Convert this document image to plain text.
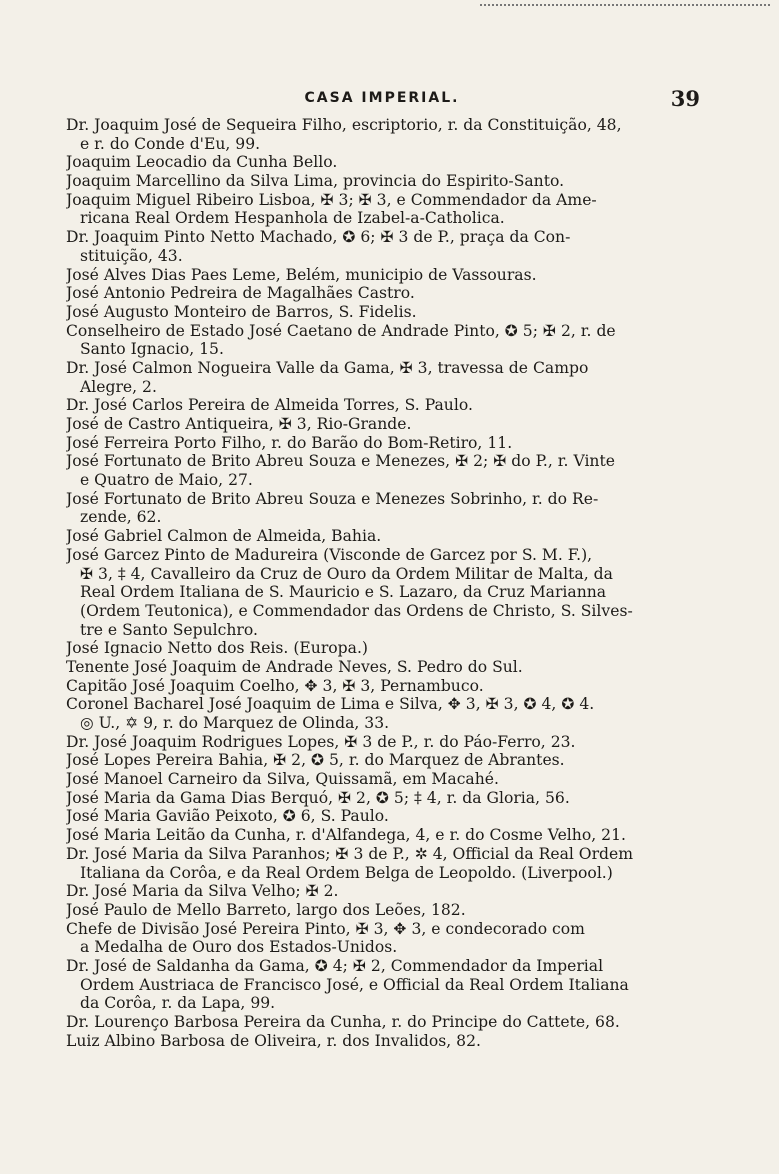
CASA IMPERIAL.	39
Dr. Joaquim José de Sequeira Filho, escriptorio, r. da Constituição, 48,
e r. do Conde d'Eu, 99.
Joaquim Leocadio da Cunha Bello.
Joaquim Marcellino da Silva Lima, provincia do Espirito-Santo.
Joaquim Miguel Ribeiro Lisboa, ✠ 3; ✠ 3, e Commendador da Ame-
ricana Real Ordem Hespanhola de Izabel-a-Catholica.
Dr. Joaquim Pinto Netto Machado, ✪ 6; ✠ 3 de P., praça da Con-
stituição, 43.
José Alves Dias Paes Leme, Belém, municipio de Vassouras.
José Antonio Pedreira de Magalhães Castro.
José Augusto Monteiro de Barros, S. Fidelis.
Conselheiro de Estado José Caetano de Andrade Pinto, ✪ 5; ✠ 2, r. de
Santo Ignacio, 15.
Dr. José Calmon Nogueira Valle da Gama, ✠ 3, travessa de Campo
Alegre, 2.
Dr. José Carlos Pereira de Almeida Torres, S. Paulo.
José de Castro Antiqueira, ✠ 3, Rio-Grande.
José Ferreira Porto Filho, r. do Barão do Bom-Retiro, 11.
José Fortunato de Brito Abreu Souza e Menezes, ✠ 2; ✠ do P., r. Vinte
e Quatro de Maio, 27.
José Fortunato de Brito Abreu Souza e Menezes Sobrinho, r. do Re-
zende, 62.
José Gabriel Calmon de Almeida, Bahia.
José Garcez Pinto de Madureira (Visconde de Garcez por S. M. F.),
✠ 3, ‡ 4, Cavalleiro da Cruz de Ouro da Ordem Militar de Malta, da
Real Ordem Italiana de S. Mauricio e S. Lazaro, da Cruz Marianna
(Ordem Teutonica), e Commendador das Ordens de Christo, S. Silves-
tre e Santo Sepulchro.
José Ignacio Netto dos Reis. (Europa.)
Tenente José Joaquim de Andrade Neves, S. Pedro do Sul.
Capitão José Joaquim Coelho, ✥ 3, ✠ 3, Pernambuco.
Coronel Bacharel José Joaquim de Lima e Silva, ✥ 3, ✠ 3, ✪ 4, ✪ 4.
◎ U., ✡ 9, r. do Marquez de Olinda, 33.
Dr. José Joaquim Rodrigues Lopes, ✠ 3 de P., r. do Páo-Ferro, 23.
José Lopes Pereira Bahia, ✠ 2, ✪ 5, r. do Marquez de Abrantes.
José Manoel Carneiro da Silva, Quissamã, em Macahé.
José Maria da Gama Dias Berquó, ✠ 2, ✪ 5; ‡ 4, r. da Gloria, 56.
José Maria Gavião Peixoto, ✪ 6, S. Paulo.
José Maria Leitão da Cunha, r. d'Alfandega, 4, e r. do Cosme Velho, 21.
Dr. José Maria da Silva Paranhos; ✠ 3 de P., ✲ 4, Official da Real Ordem
Italiana da Corôa, e da Real Ordem Belga de Leopoldo. (Liverpool.)
Dr. José Maria da Silva Velho; ✠ 2.
José Paulo de Mello Barreto, largo dos Leões, 182.
Chefe de Divisão José Pereira Pinto, ✠ 3, ✥ 3, e condecorado com
a Medalha de Ouro dos Estados-Unidos.
Dr. José de Saldanha da Gama, ✪ 4; ✠ 2, Commendador da Imperial
Ordem Austriaca de Francisco José, e Official da Real Ordem Italiana
da Corôa, r. da Lapa, 99.
Dr. Lourenço Barbosa Pereira da Cunha, r. do Principe do Cattete, 68.
Luiz Albino Barbosa de Oliveira, r. dos Invalidos, 82.
